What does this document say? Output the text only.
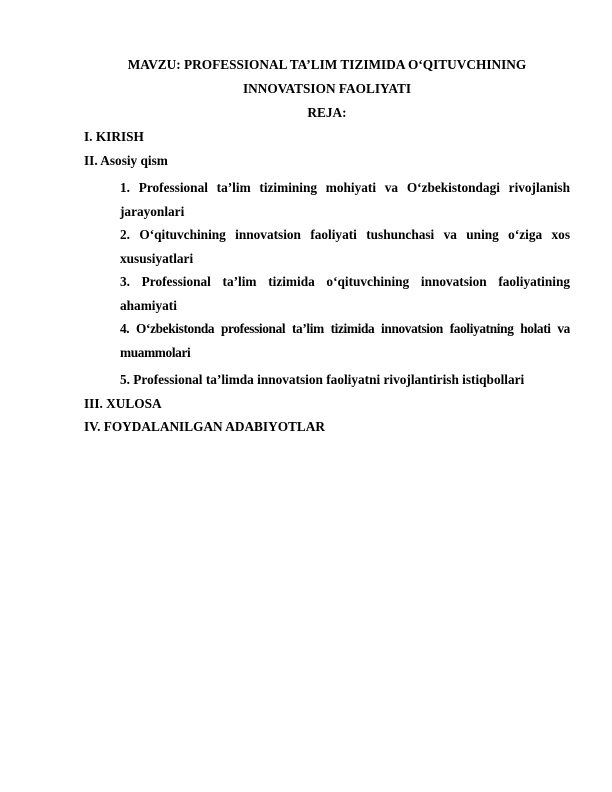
MAVZU: PROFESSIONAL TA’LIM TIZIMIDA O‘QITUVCHINING
INNOVATSION FAOLIYATI
REJA:
I. KIRISH
II. Asosiy qism
1. Professional ta’lim tizimining mohiyati va O‘zbekistondagi rivojlanish jarayonlari
2. O‘qituvchining innovatsion faoliyati tushunchasi va uning o‘ziga xos xususiyatlari
3. Professional ta’lim tizimida o‘qituvchining innovatsion faoliyatining ahamiyati
4. O‘zbekistonda professional ta’lim tizimida innovatsion faoliyatning holati va muammolari
5. Professional ta’limda innovatsion faoliyatni rivojlantirish istiqbollari
III. XULOSA
IV. FOYDALANILGAN ADABIYOTLAR
